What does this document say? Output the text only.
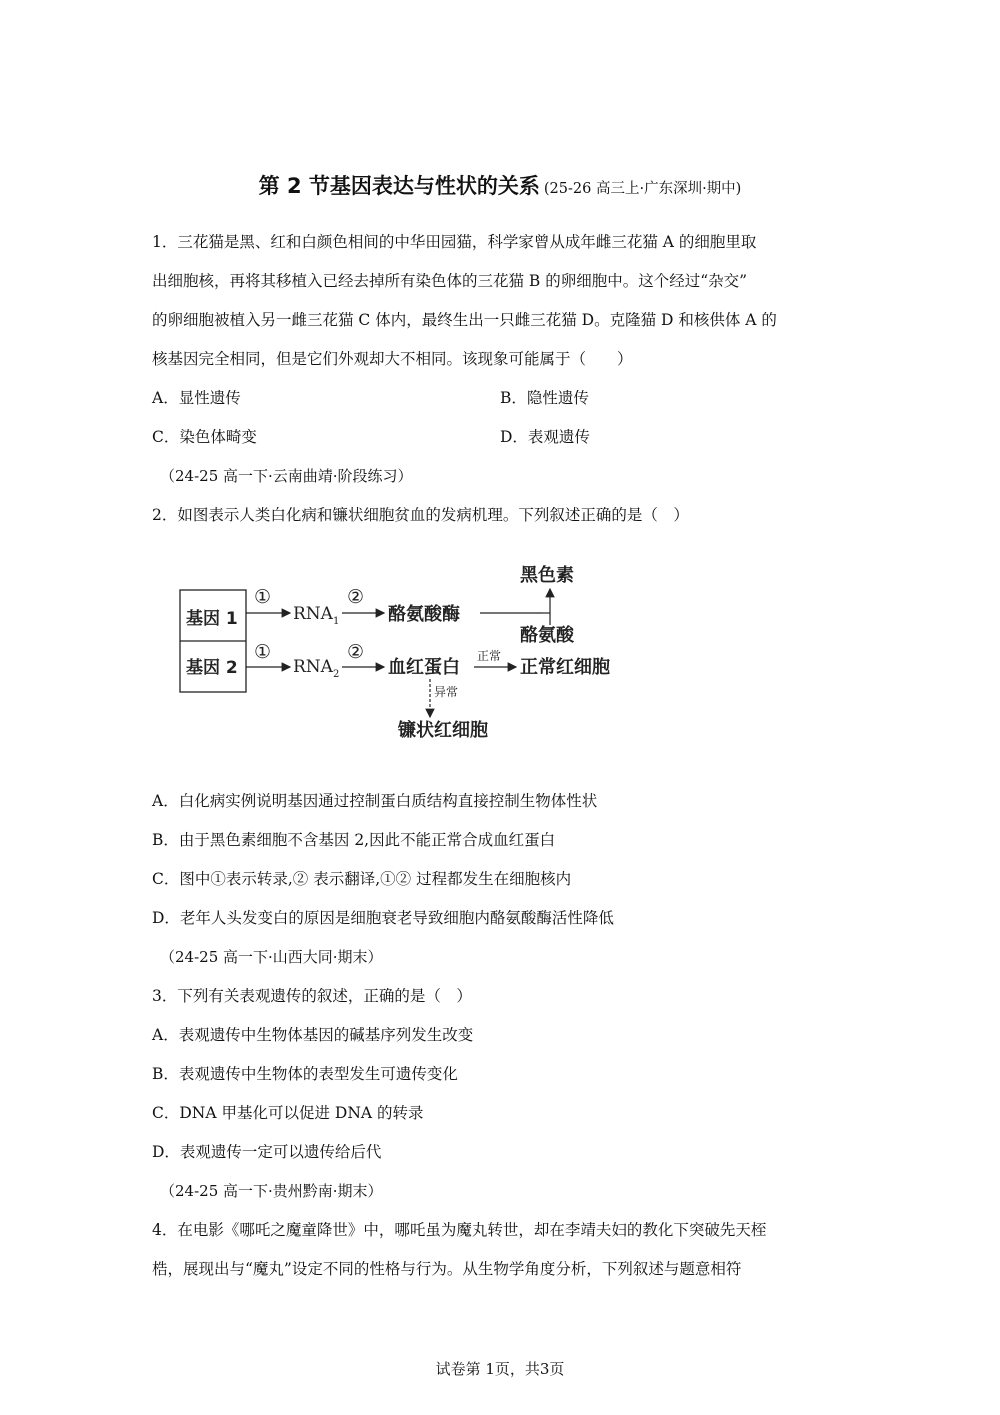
第 2 节基因表达与性状的关系 (25-26 高三上·广东深圳·期中)
1．三花猫是黑、红和白颜色相间的中华田园猫，科学家曾从成年雌三花猫 A 的细胞里取
出细胞核，再将其移植入已经去掉所有染色体的三花猫 B 的卵细胞中。这个经过“杂交”
的卵细胞被植入另一雌三花猫 C 体内，最终生出一只雌三花猫 D。克隆猫 D 和核供体 A 的
核基因完全相同，但是它们外观却大不相同。该现象可能属于（　　）
A．显性遗传	B．隐性遗传
C．染色体畸变	D．表观遗传
（24-25 高一下·云南曲靖·阶段练习）
2．如图表示人类白化病和镰状细胞贫血的发病机理。下列叙述正确的是（　）
基因 1
基因 2
①
$RNA_1$
②
酪氨酸酶
黑色素
酪氨酸
①
$RNA_2$
②
血红蛋白
正常
正常红细胞
异常
镰状红细胞
A．白化病实例说明基因通过控制蛋白质结构直接控制生物体性状
B．由于黑色素细胞不含基因 2,因此不能正常合成血红蛋白
C．图中①表示转录,② 表示翻译,①② 过程都发生在细胞核内
D．老年人头发变白的原因是细胞衰老导致细胞内酪氨酸酶活性降低
（24-25 高一下·山西大同·期末）
3．下列有关表观遗传的叙述，正确的是（　）
A．表观遗传中生物体基因的碱基序列发生改变
B．表观遗传中生物体的表型发生可遗传变化
C．DNA 甲基化可以促进 DNA 的转录
D．表观遗传一定可以遗传给后代
（24-25 高一下·贵州黔南·期末）
4．在电影《哪吒之魔童降世》中，哪吒虽为魔丸转世，却在李靖夫妇的教化下突破先天桎
梏，展现出与“魔丸”设定不同的性格与行为。从生物学角度分析，下列叙述与题意相符
试卷第 1页，共3页
